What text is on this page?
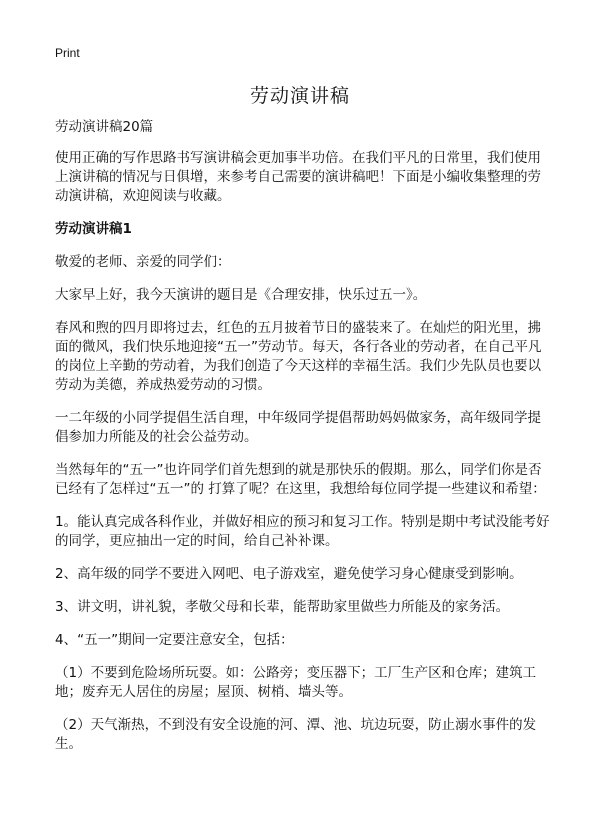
Print
劳动演讲稿

劳动演讲稿20篇

使用正确的写作思路书写演讲稿会更加事半功倍。在我们平凡的日常里，我们使用上演讲稿的情况与日俱增，来参考自己需要的演讲稿吧！下面是小编收集整理的劳动演讲稿，欢迎阅读与收藏。

劳动演讲稿1

敬爱的老师、亲爱的同学们：

大家早上好，我今天演讲的题目是《合理安排，快乐过五一》。

春风和煦的四月即将过去，红色的五月披着节日的盛装来了。在灿烂的阳光里，拂面的微风，我们快乐地迎接“五一”劳动节。每天，各行各业的劳动者，在自己平凡的岗位上辛勤的劳动着，为我们创造了今天这样的幸福生活。我们少先队员也要以劳动为美德，养成热爱劳动的习惯。

一二年级的小同学提倡生活自理，中年级同学提倡帮助妈妈做家务，高年级同学提倡参加力所能及的社会公益劳动。

当然每年的“五一”也许同学们首先想到的就是那快乐的假期。那么，同学们你是否已经有了怎样过“五一”的 打算了呢？在这里，我想给每位同学提一些建议和希望：

1。能认真完成各科作业，并做好相应的预习和复习工作。特别是期中考试没能考好的同学，更应抽出一定的时间，给自己补补课。

2、高年级的同学不要进入网吧、电子游戏室，避免使学习身心健康受到影响。

3、讲文明，讲礼貌，孝敬父母和长辈，能帮助家里做些力所能及的家务活。

4、“五一”期间一定要注意安全，包括：

（1）不要到危险场所玩耍。如：公路旁；变压器下；工厂生产区和仓库；建筑工地；废弃无人居住的房屋；屋顶、树梢、墙头等。

（2）天气渐热，不到没有安全设施的河、潭、池、坑边玩耍，防止溺水事件的发生。
